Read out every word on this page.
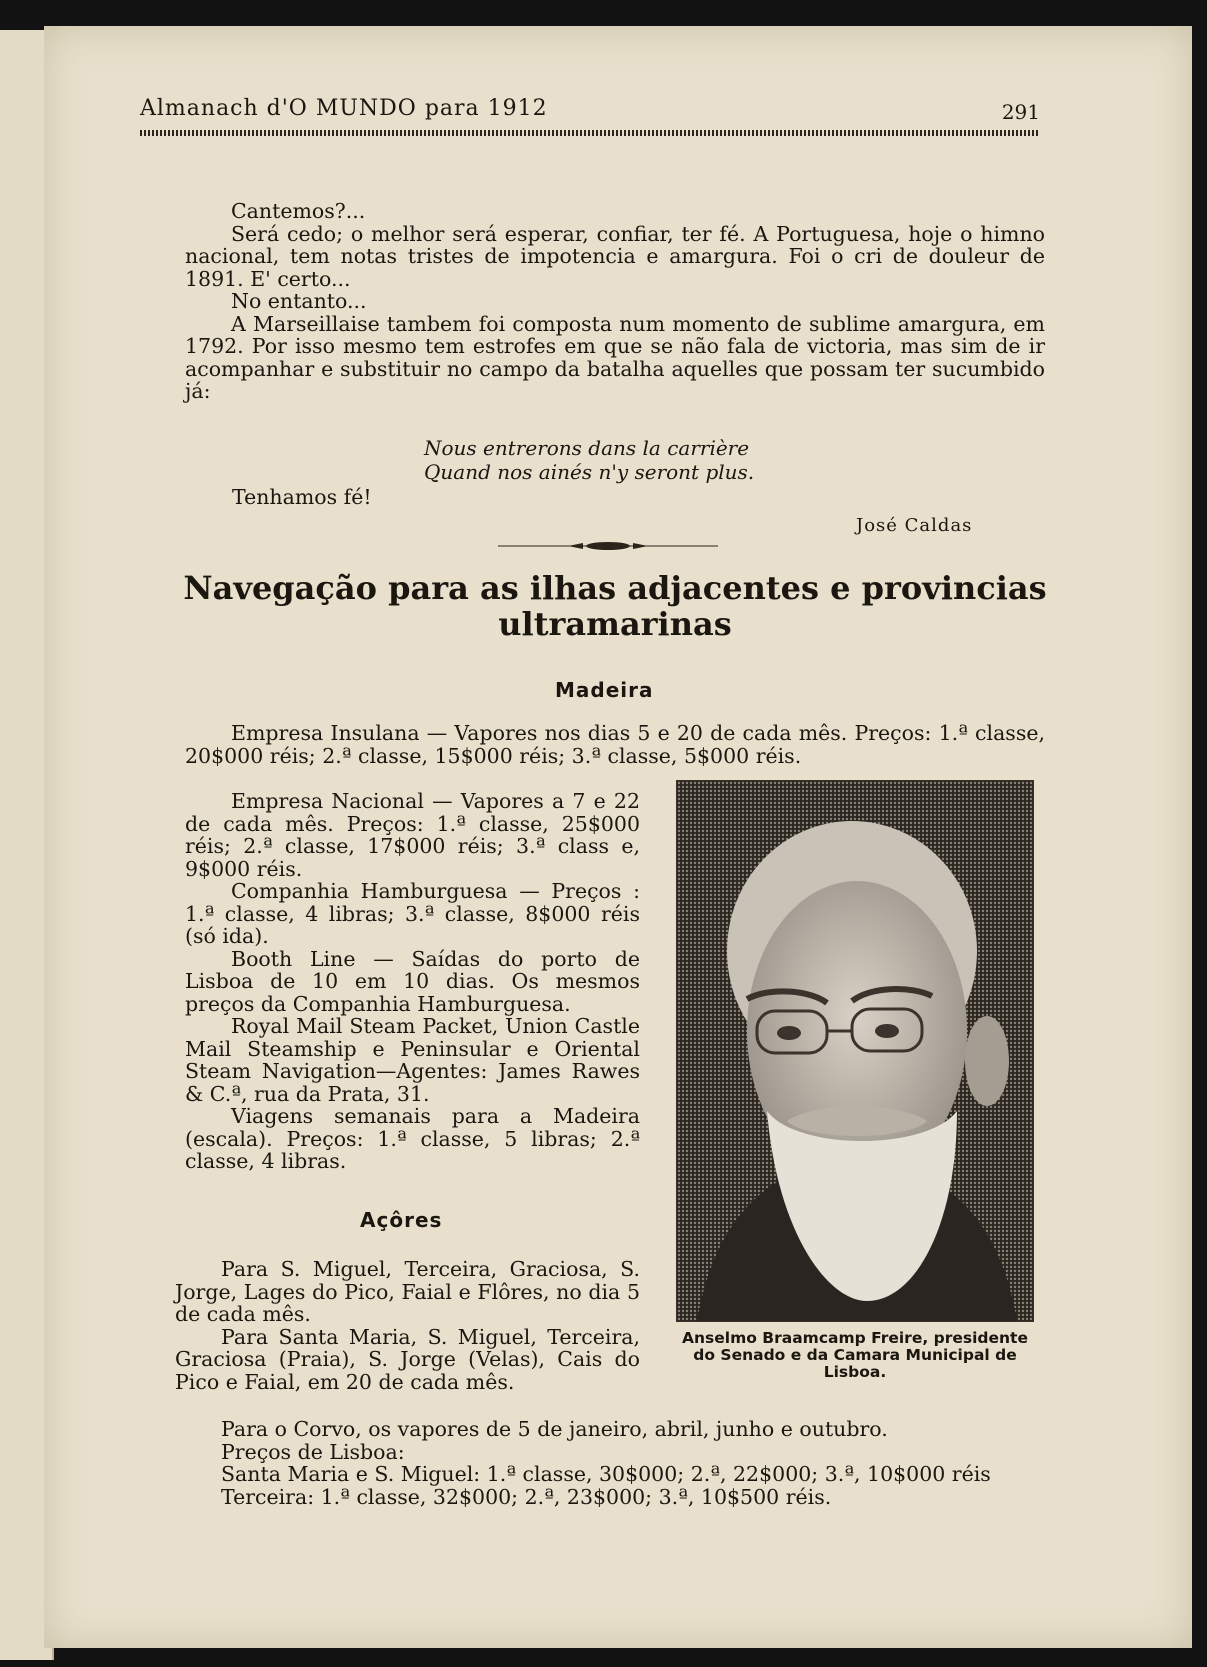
Almanach d'O MUNDO para 1912	291

Cantemos?...

Será cedo; o melhor será esperar, confiar, ter fé. A Portuguesa, hoje o himno nacional, tem notas tristes de impotencia e amargura. Foi o cri de douleur de 1891. E' certo...

No entanto...

A Marseillaise tambem foi composta num momento de sublime amargura, em 1792. Por isso mesmo tem estrofes em que se não fala de victoria, mas sim de ir acompanhar e substituir no campo da batalha aquelles que possam ter sucumbido já:

Nous entrerons dans la carrière
Quand nos ainés n'y seront plus.
Tenhamos fé!
José Caldas
Navegação para as ilhas adjacentes e provincias ultramarinas
Madeira

Empresa Insulana — Vapores nos dias 5 e 20 de cada mês. Preços: 1.ª classe, 20$000 réis; 2.ª classe, 15$000 réis; 3.ª classe, 5$000 réis.

Empresa Nacional — Vapores a 7 e 22 de cada mês. Preços: 1.ª classe, 25$000 réis; 2.ª classe, 17$000 réis; 3.ª class e, 9$000 réis.

Companhia Hamburguesa — Preços : 1.ª classe, 4 libras; 3.ª classe, 8$000 réis (só ida).

Booth Line — Saídas do porto de Lisboa de 10 em 10 dias. Os mesmos preços da Companhia Hamburguesa.

Royal Mail Steam Packet, Union Castle Mail Steamship e Peninsular e Oriental Steam Navigation—Agentes: James Rawes & C.ª, rua da Prata, 31.

Viagens semanais para a Madeira (escala). Preços: 1.ª classe, 5 libras; 2.ª classe, 4 libras.

Açôres

Para S. Miguel, Terceira, Graciosa, S. Jorge, Lages do Pico, Faial e Flôres, no dia 5 de cada mês.

Para Santa Maria, S. Miguel, Terceira, Graciosa (Praia), S. Jorge (Velas), Cais do Pico e Faial, em 20 de cada mês.

Para o Corvo, os vapores de 5 de janeiro, abril, junho e outubro.

Preços de Lisboa:

Santa Maria e S. Miguel: 1.ª classe, 30$000; 2.ª, 22$000; 3.ª, 10$000 réis

Terceira: 1.ª classe, 32$000; 2.ª, 23$000; 3.ª, 10$500 réis.

Anselmo Braamcamp Freire, presidente do Senado e da Camara Municipal de Lisboa.
